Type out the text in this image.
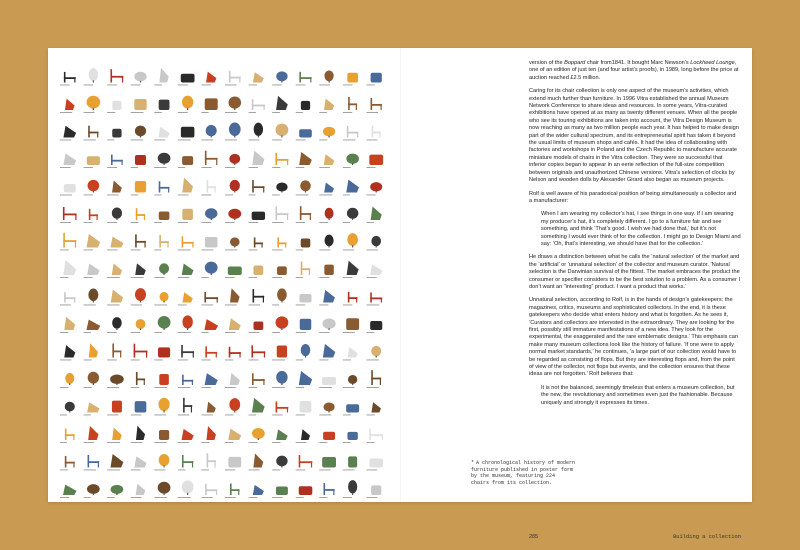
* A chronological history of modern furniture published in poster form by the museum, featuring 224 chairs from its collection.

version of the Boppard chair from1841. It bought Marc Newson’s Lockheed Lounge, one of an edition of just ten (and four artist’s proofs), in 1989, long before the price at auction reached £2.5 million.

Caring for its chair collection is only one aspect of the museum’s activities, which extend much further than furniture. In 1996 Vitra established the annual Museum Network Conference to share ideas and resources. In some years, Vitra-curated exhibitions have opened at as many as twenty different venues. When all the people who see its touring exhibitions are taken into account, the Vitra Design Museum is now reaching as many as two million people each year. It has helped to make design part of the wider cultural spectrum, and its entrepreneurial spirit has taken it beyond the usual limits of museum shops and cafés. It had the idea of collaborating with factories and workshops in Poland and the Czech Republic to manufacture accurate miniature models of chairs in the Vitra collection. They were so successful that inferior copies began to appear in an eerie reflection of the full-size competition between originals and unauthorized Chinese versions. Vitra’s selection of clocks by Nelson and wooden dolls by Alexander Girard also began as museum projects.

Rolf is well aware of his paradoxical position of being simultaneously a collector and a manufacturer:

When I am wearing my collector’s hat, I see things in one way. If I am wearing my producer’s hat, it’s completely different. I go to a furniture fair and see something, and think ‘That’s good. I wish we had done that,’ but it’s not something I would ever think of for the collection. I might go to Design Miami and say: ‘Oh, that’s interesting, we should have that for the collection.’

He draws a distinction between what he calls the ‘natural selection’ of the market and the ‘artificial’ or ‘unnatural selection’ of the collector and museum curator. ‘Natural selection is the Darwinian survival of the fittest. The market embraces the product the consumer or specifier considers to be the best solution to a problem. As a consumer I don’t want an “interesting” product. I want a product that works.’

Unnatural selection, according to Rolf, is in the hands of design’s gatekeepers: the magazines, critics, museums and sophisticated collectors. In the end, it is these gatekeepers who decide what enters history and what is forgotten. As he sees it, ‘Curators and collectors are interested in the extraordinary. They are looking for the first, possibly still immature manifestations of a new idea. They look for the experimental, the exaggerated and the rare emblematic designs.’ This emphasis can make many museum collections look like the history of failure. ‘If one were to apply normal market standards,’ he continues, ‘a large part of our collection would have to be regarded as consisting of flops. But they are interesting flops and, from the point of view of the collector, not flops but events, and the collection ensures that these ideas are not forgotten.’ Rolf believes that:

It is not the balanced, seemingly timeless that enters a museum collection, but the new, the revolutionary and sometimes even just the fashionable. Because uniquely and strongly it expresses its times.

285	Building a collection
